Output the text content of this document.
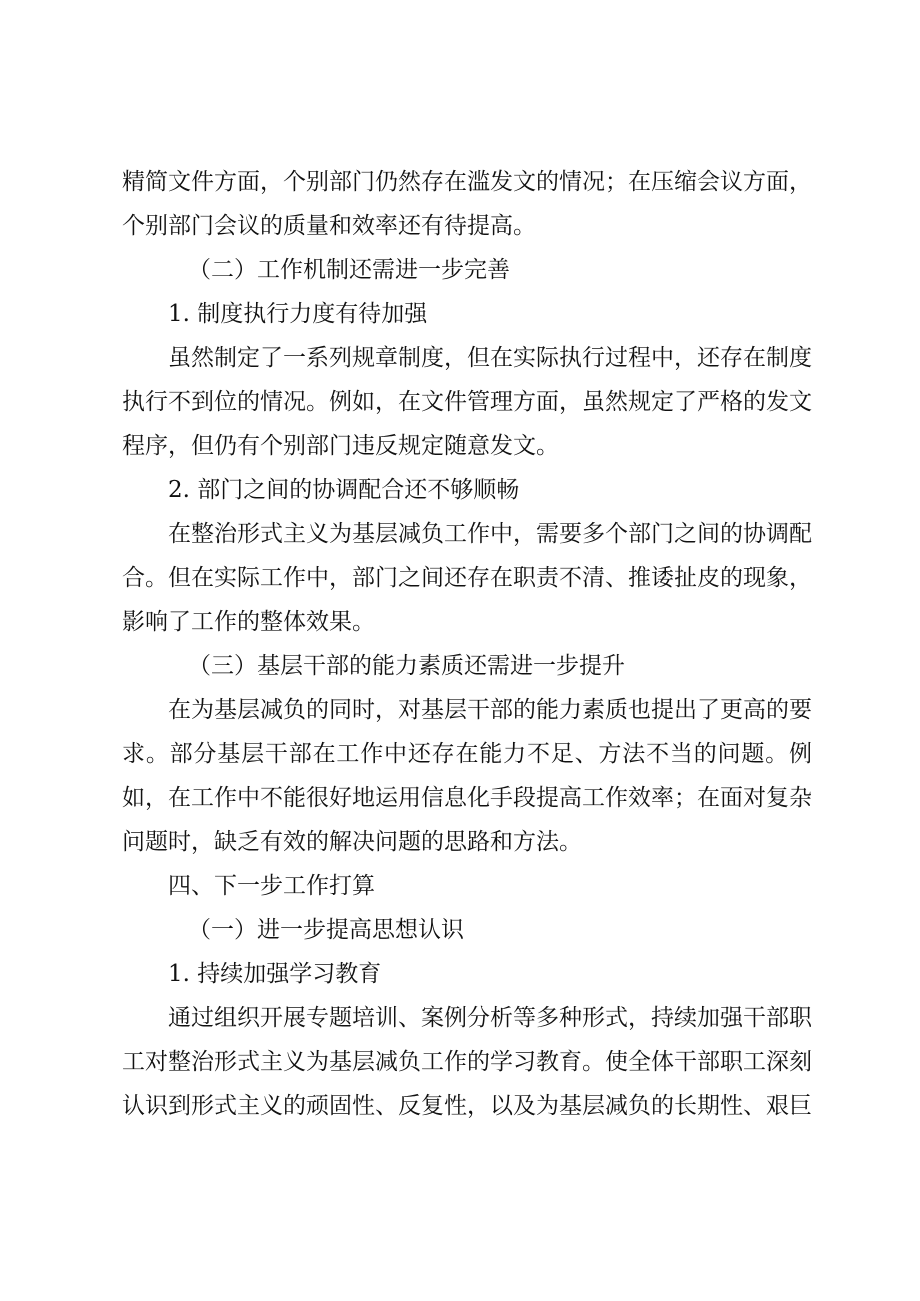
精简文件方面，个别部门仍然存在滥发文的情况；在压缩会议方面，个别部门会议的质量和效率还有待提高。

（二）工作机制还需进一步完善

1. 制度执行力度有待加强

虽然制定了一系列规章制度，但在实际执行过程中，还存在制度执行不到位的情况。例如，在文件管理方面，虽然规定了严格的发文程序，但仍有个别部门违反规定随意发文。

2. 部门之间的协调配合还不够顺畅

在整治形式主义为基层减负工作中，需要多个部门之间的协调配合。但在实际工作中，部门之间还存在职责不清、推诿扯皮的现象，影响了工作的整体效果。

（三）基层干部的能力素质还需进一步提升

在为基层减负的同时，对基层干部的能力素质也提出了更高的要求。部分基层干部在工作中还存在能力不足、方法不当的问题。例如，在工作中不能很好地运用信息化手段提高工作效率；在面对复杂问题时，缺乏有效的解决问题的思路和方法。

四、下一步工作打算

（一）进一步提高思想认识

1. 持续加强学习教育

通过组织开展专题培训、案例分析等多种形式，持续加强干部职工对整治形式主义为基层减负工作的学习教育。使全体干部职工深刻认识到形式主义的顽固性、反复性，以及为基层减负的长期性、艰巨
